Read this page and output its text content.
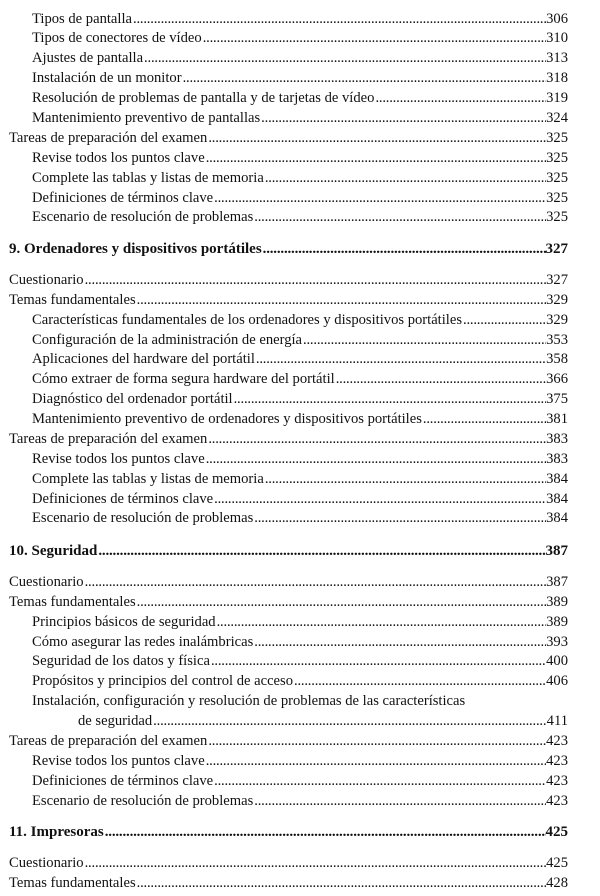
Tipos de pantalla .....	306
Tipos de conectores de vídeo .....	310
Ajustes de pantalla .....	313
Instalación de un monitor .....	318
Resolución de problemas de pantalla y de tarjetas de vídeo .....	319
Mantenimiento preventivo de pantallas .....	324
Tareas de preparación del examen .....	325
Revise todos los puntos clave .....	325
Complete las tablas y listas de memoria .....	325
Definiciones de términos clave .....	325
Escenario de resolución de problemas .....	325
9. Ordenadores y dispositivos portátiles .....	327
Cuestionario .....	327
Temas fundamentales .....	329
Características fundamentales de los ordenadores y dispositivos portátiles .....	329
Configuración de la administración de energía .....	353
Aplicaciones del hardware del portátil .....	358
Cómo extraer de forma segura hardware del portátil .....	366
Diagnóstico del ordenador portátil .....	375
Mantenimiento preventivo de ordenadores y dispositivos portátiles .....	381
Tareas de preparación del examen .....	383
Revise todos los puntos clave .....	383
Complete las tablas y listas de memoria .....	384
Definiciones de términos clave .....	384
Escenario de resolución de problemas .....	384
10. Seguridad .....	387
Cuestionario .....	387
Temas fundamentales .....	389
Principios básicos de seguridad .....	389
Cómo asegurar las redes inalámbricas .....	393
Seguridad de los datos y física .....	400
Propósitos y principios del control de acceso .....	406
Instalación, configuración y resolución de problemas de las características
de seguridad .....	411
Tareas de preparación del examen .....	423
Revise todos los puntos clave .....	423
Definiciones de términos clave .....	423
Escenario de resolución de problemas .....	423
11. Impresoras .....	425
Cuestionario .....	425
Temas fundamentales .....	428
